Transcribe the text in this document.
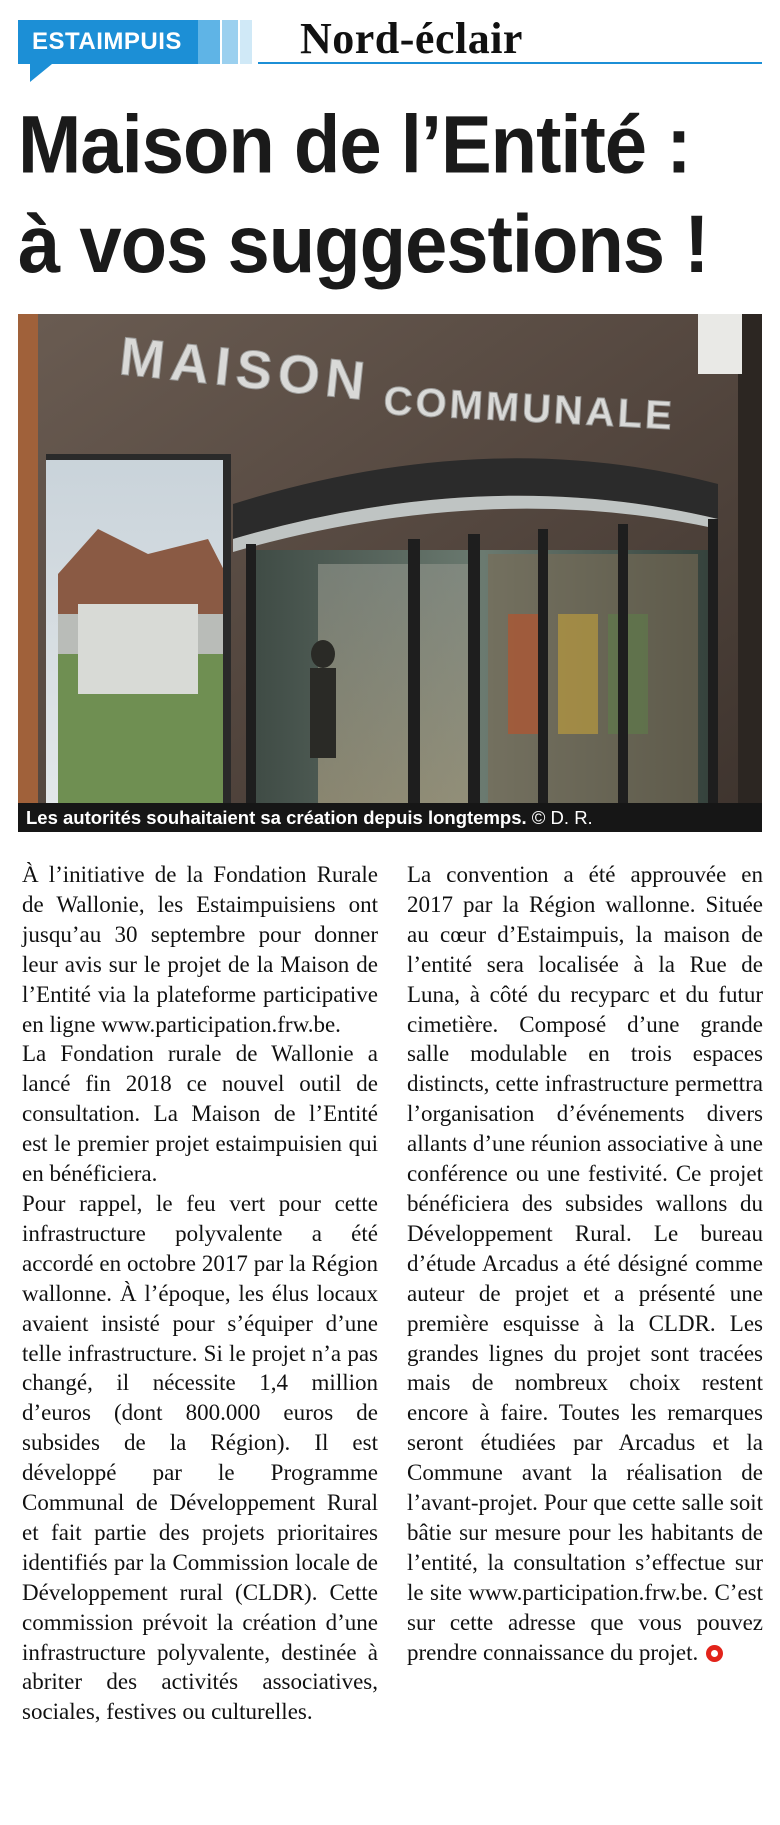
ESTAIMPUIS	Nord-éclair
Maison de l’Entité :
à vos suggestions !
MAISON COMMUNALE
Les autorités souhaitaient sa création depuis longtemps. © D. R.

À l’initiative de la Fondation Rurale de Wallonie, les Estaimpuisiens ont jusqu’au 30 septembre pour donner leur avis sur le projet de la Maison de l’Entité via la plateforme participative en ligne www.participation.frw.be.

La Fondation rurale de Wallonie a lancé fin 2018 ce nouvel outil de consultation. La Maison de l’Entité est le premier projet estaimpuisien qui en bénéficiera.

Pour rappel, le feu vert pour cette infrastructure polyvalente a été accordé en octobre 2017 par la Région wallonne. À l’époque, les élus locaux avaient insisté pour s’équiper d’une telle infrastructure. Si le projet n’a pas changé, il nécessite 1,4 million d’euros (dont 800.000 euros de subsides de la Région). Il est développé par le Programme Communal de Développement Rural et fait partie des projets prioritaires identifiés par la Commission locale de Développement rural (CLDR). Cette commission prévoit la création d’une infrastructure polyvalente, destinée à abriter des activités associatives, sociales, festives ou culturelles.

La convention a été approuvée en 2017 par la Région wallonne. Située au cœur d’Estaimpuis, la maison de l’entité sera localisée à la Rue de Luna, à côté du recyparc et du futur cimetière. Composé d’une grande salle modulable en trois espaces distincts, cette infrastructure permettra l’organisation d’événements divers allants d’une réunion associative à une conférence ou une festivité. Ce projet bénéficiera des subsides wallons du Développement Rural. Le bureau d’étude Arcadus a été désigné comme auteur de projet et a présenté une première esquisse à la CLDR. Les grandes lignes du projet sont tracées mais de nombreux choix restent encore à faire. Toutes les remarques seront étudiées par Arcadus et la Commune avant la réalisation de l’avant-projet. Pour que cette salle soit bâtie sur mesure pour les habitants de l’entité, la consultation s’effectue sur le site www.participation.frw.be. C’est sur cette adresse que vous pouvez prendre connaissance du projet.
